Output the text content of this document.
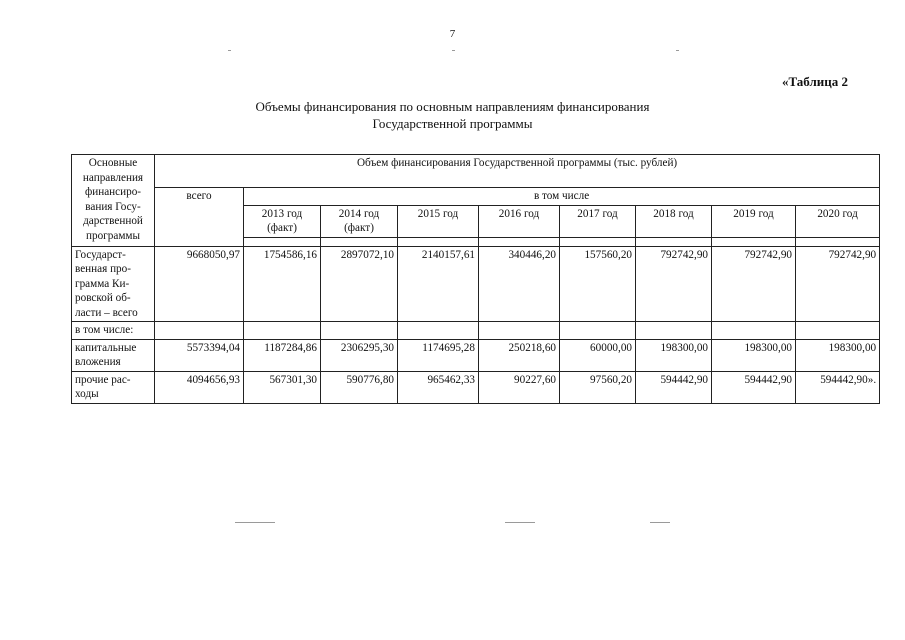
7
«Таблица 2
Объемы финансирования по основным направлениям финансирования
Государственной программы
Основные направления финансиро-вания Госу-дарственной программы	Объем финансирования Государственной программы (тыс. рублей)								
	всего	в том числе							
		2013 год (факт)	2014 год (факт)	2015 год	2016 год	2017 год	2018 год	2019 год	2020 год

Государст-венная про-грамма Ки-ровской об-ласти – всего	9668050,97	1754586,16	2897072,10	2140157,61	340446,20	157560,20	792742,90	792742,90	792742,90
в том числе:									
капитальные вложения	5573394,04	1187284,86	2306295,30	1174695,28	250218,60	60000,00	198300,00	198300,00	198300,00
прочие рас-ходы	4094656,93	567301,30	590776,80	965462,33	90227,60	97560,20	594442,90	594442,90	594442,90».
